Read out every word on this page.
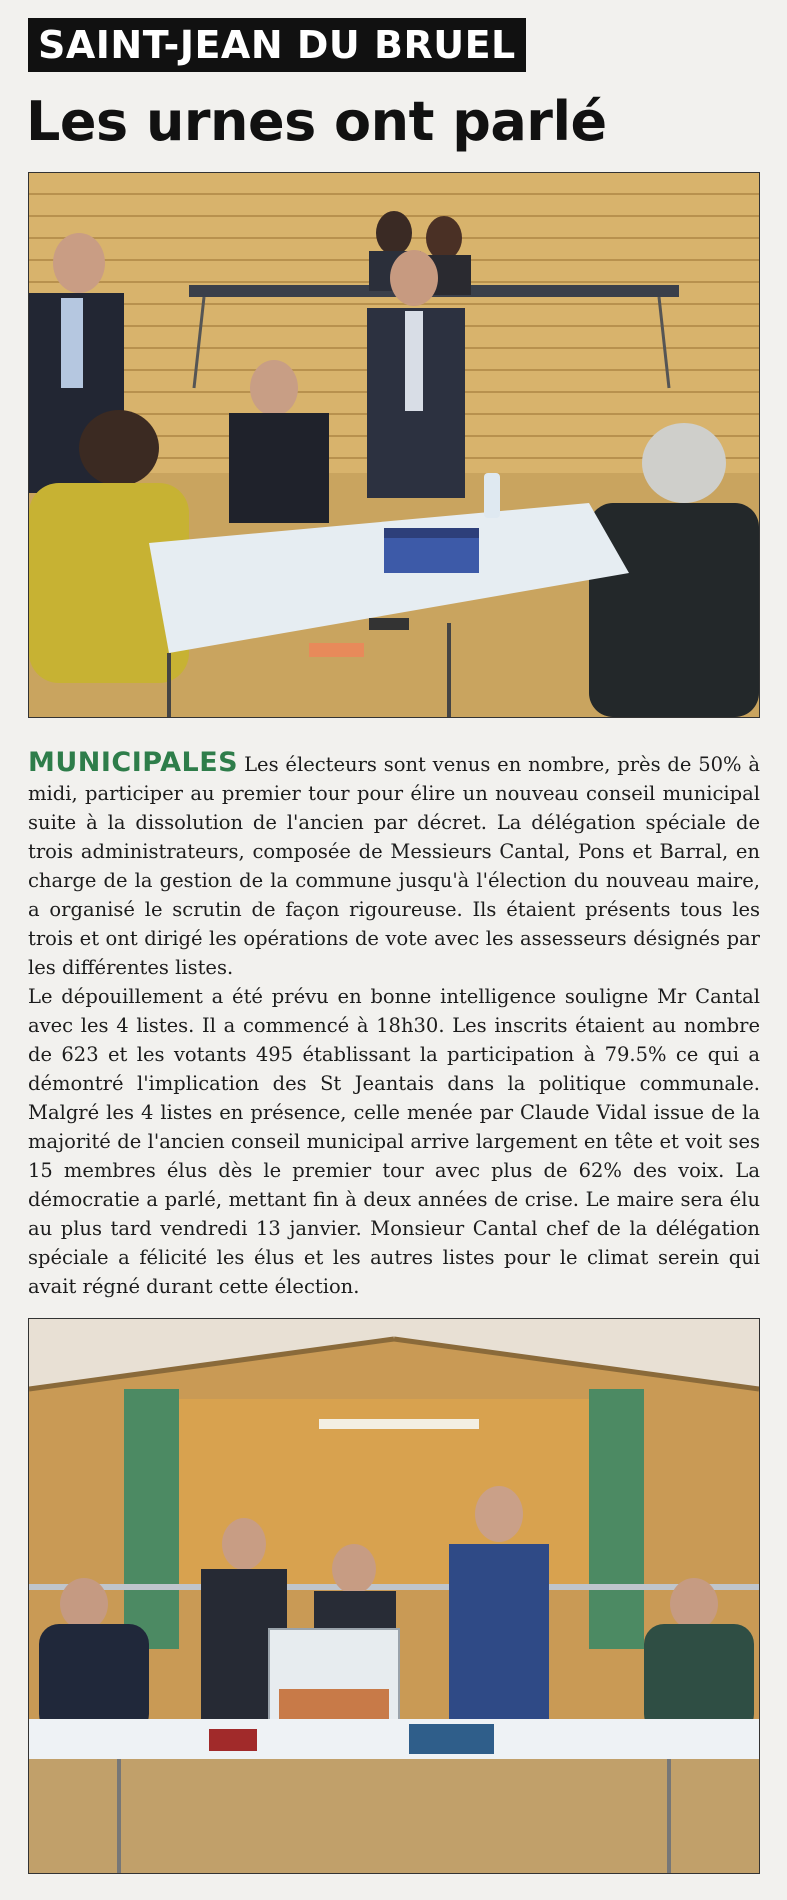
SAINT-JEAN DU BRUEL
Les urnes ont parlé

MUNICIPALES Les électeurs sont venus en nombre, près de 50% à midi, participer au premier tour pour élire un nouveau conseil municipal suite à la dissolution de l'ancien par décret. La délégation spéciale de trois administrateurs, composée de Messieurs Cantal, Pons et Barral, en charge de la gestion de la commune jusqu'à l'élection du nouveau maire, a organisé le scrutin de façon rigoureuse. Ils étaient présents tous les trois et ont dirigé les opérations de vote avec les assesseurs désignés par les différentes listes.

Le dépouillement a été prévu en bonne intelligence souligne Mr Cantal avec les 4 listes. Il a commencé à 18h30. Les inscrits étaient au nombre de 623 et les votants 495 établissant la participation à 79.5% ce qui a démontré l'implication des St Jeantais dans la politique communale. Malgré les 4 listes en présence, celle menée par Claude Vidal issue de la majorité de l'ancien conseil municipal arrive largement en tête et voit ses 15 membres élus dès le premier tour avec plus de 62% des voix. La démocratie a parlé, mettant fin à deux années de crise. Le maire sera élu au plus tard vendredi 13 janvier. Monsieur Cantal chef de la délégation spéciale a félicité les élus et les autres listes pour le climat serein qui avait régné durant cette élection.
